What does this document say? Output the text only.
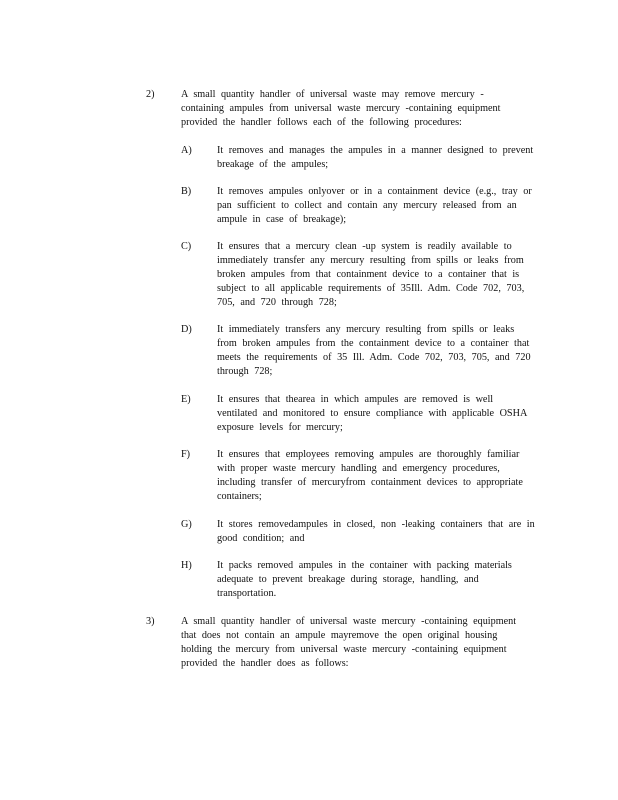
2)	A small quantity handler of universal waste may remove mercury - containing ampules from universal waste mercury -containing equipment provided the handler follows each of the following procedures:
A) It removes and manages the ampules in a manner designed to prevent breakage of the ampules;
B)	It removes ampules onlyover or in a containment device (e.g., tray or pan sufficient to collect and contain any mercury released from an ampule in case of breakage);
C)	It ensures that a mercury clean -up system is readily available to immediately transfer any mercury resulting from spills or leaks from broken ampules from that containment device to a container that is subject to all applicable requirements of 35Ill. Adm. Code 702, 703, 705, and 720 through 728;
D) It immediately transfers any mercury resulting from spills or leaks from broken ampules from the containment device to a container that meets the requirements of 35 Ill. Adm. Code 702, 703, 705, and 720 through 728;
E)	It ensures that thearea in which ampules are removed is well ventilated and monitored to ensure compliance with applicable OSHA exposure levels for mercury;
F)	It ensures that employees removing ampules are thoroughly familiar with proper waste mercury handling and emergency procedures, including transfer of mercuryfrom containment devices to appropriate containers;
G) It stores removedampules in closed, non -leaking containers that are in good condition; and
H) It packs removed ampules in the container with packing materials adequate to prevent breakage during storage, handling, and transportation.
3)	A small quantity handler of universal waste mercury -containing equipment that does not contain an ampule mayremove the open original housing holding the mercury from universal waste mercury -containing equipment provided the handler does as follows:
